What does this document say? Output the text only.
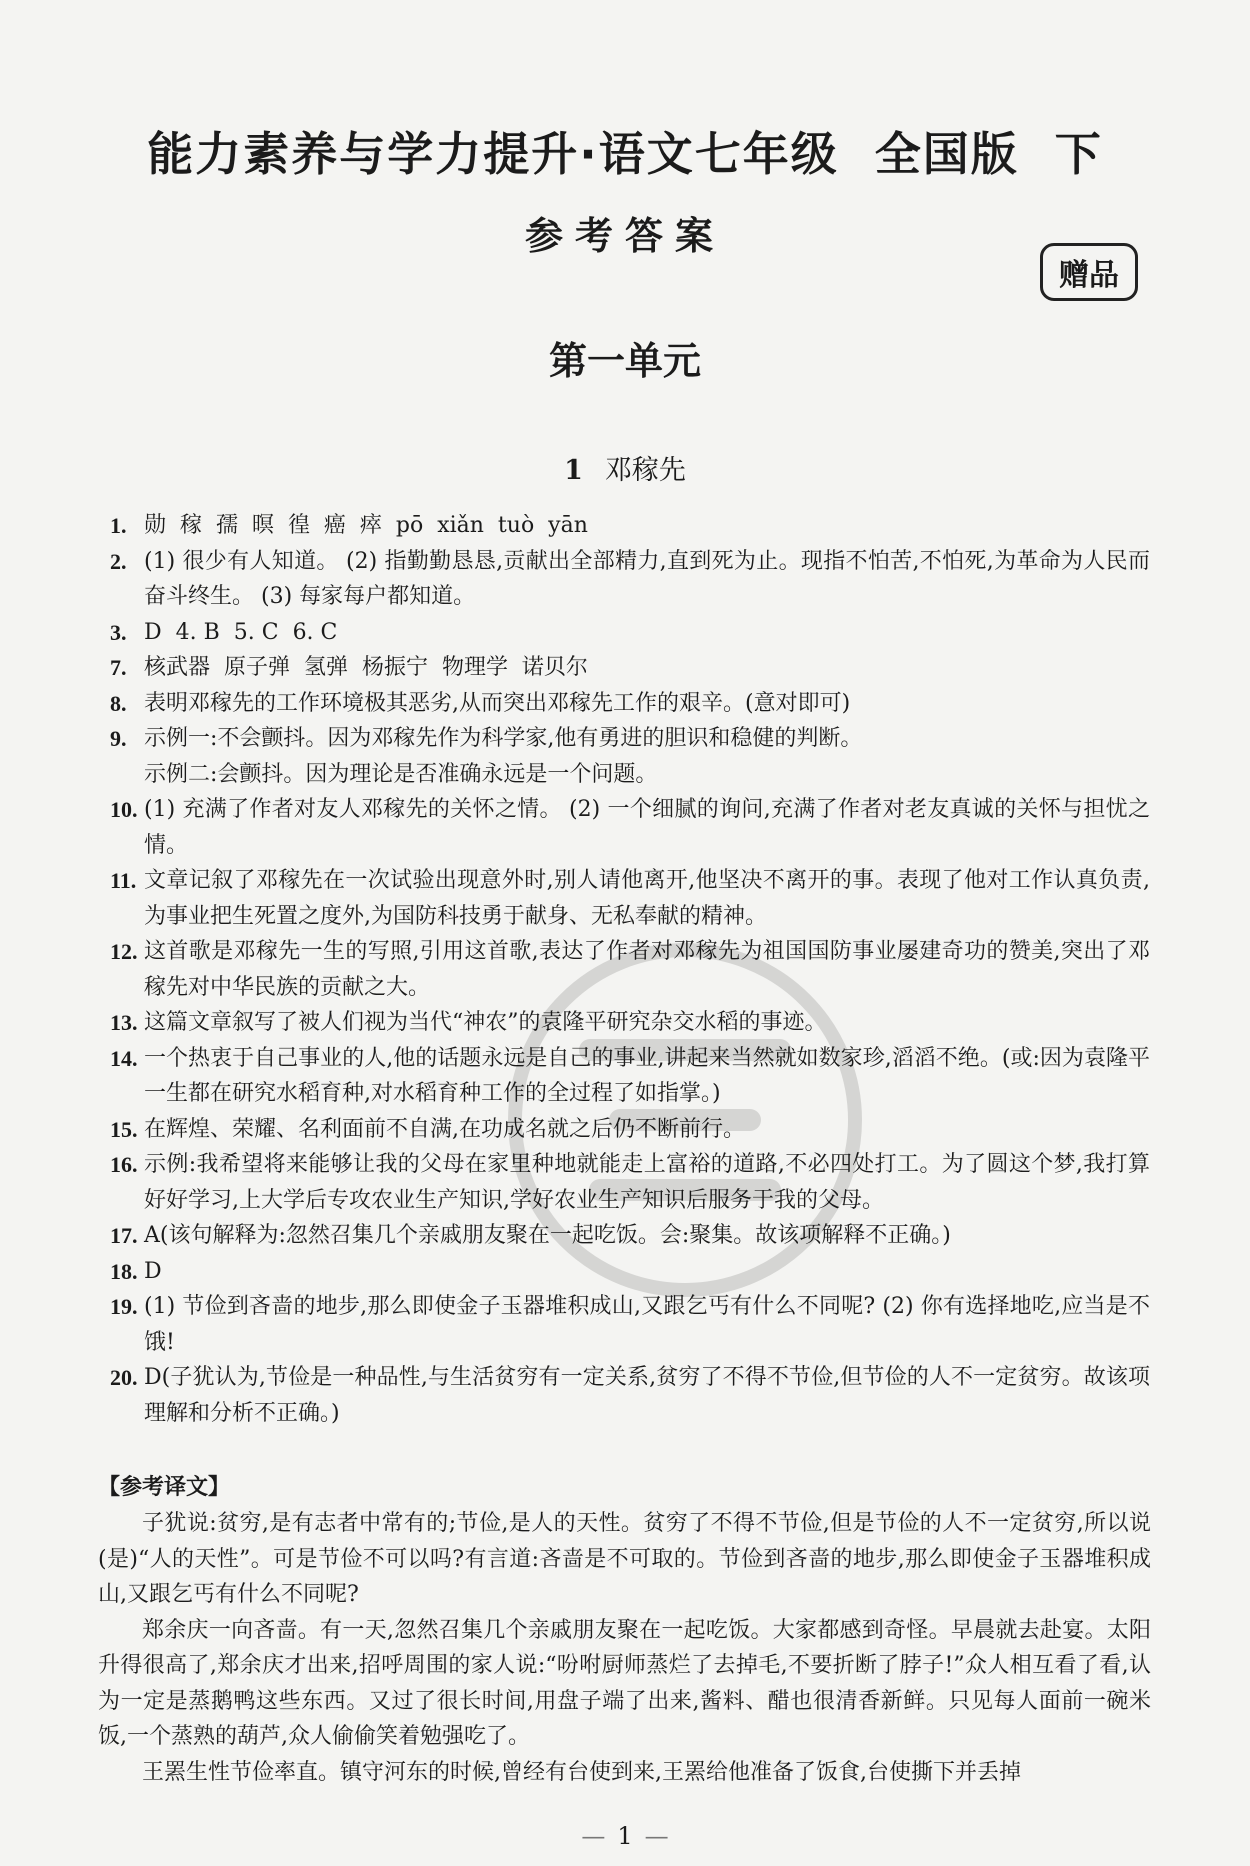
能力素养与学力提升·语文七年级  全国版  下
参考答案
赠品
第一单元
1 邓稼先
1. 勋  稼  孺  暝  徨  癌  瘁  pō  xiǎn  tuò  yān
2. (1) 很少有人知道。 (2) 指勤勤恳恳,贡献出全部精力,直到死为止。现指不怕苦,不怕死,为革命为人民而奋斗终生。 (3) 每家每户都知道。
3. D  4. B  5. C  6. C
7. 核武器  原子弹  氢弹  杨振宁  物理学  诺贝尔
8. 表明邓稼先的工作环境极其恶劣,从而突出邓稼先工作的艰辛。(意对即可)
9. 示例一:不会颤抖。因为邓稼先作为科学家,他有勇进的胆识和稳健的判断。
示例二:会颤抖。因为理论是否准确永远是一个问题。
10. (1) 充满了作者对友人邓稼先的关怀之情。 (2) 一个细腻的询问,充满了作者对老友真诚的关怀与担忧之情。
11. 文章记叙了邓稼先在一次试验出现意外时,别人请他离开,他坚决不离开的事。表现了他对工作认真负责,为事业把生死置之度外,为国防科技勇于献身、无私奉献的精神。
12. 这首歌是邓稼先一生的写照,引用这首歌,表达了作者对邓稼先为祖国国防事业屡建奇功的赞美,突出了邓稼先对中华民族的贡献之大。
13. 这篇文章叙写了被人们视为当代“神农”的袁隆平研究杂交水稻的事迹。
14. 一个热衷于自己事业的人,他的话题永远是自己的事业,讲起来当然就如数家珍,滔滔不绝。(或:因为袁隆平一生都在研究水稻育种,对水稻育种工作的全过程了如指掌。)
15. 在辉煌、荣耀、名利面前不自满,在功成名就之后仍不断前行。
16. 示例:我希望将来能够让我的父母在家里种地就能走上富裕的道路,不必四处打工。为了圆这个梦,我打算好好学习,上大学后专攻农业生产知识,学好农业生产知识后服务于我的父母。
17. A(该句解释为:忽然召集几个亲戚朋友聚在一起吃饭。会:聚集。故该项解释不正确。)
18. D
19. (1) 节俭到吝啬的地步,那么即使金子玉器堆积成山,又跟乞丐有什么不同呢? (2) 你有选择地吃,应当是不饿!
20. D(子犹认为,节俭是一种品性,与生活贫穷有一定关系,贫穷了不得不节俭,但节俭的人不一定贫穷。故该项理解和分析不正确。)
【参考译文】

子犹说:贫穷,是有志者中常有的;节俭,是人的天性。贫穷了不得不节俭,但是节俭的人不一定贫穷,所以说(是)“人的天性”。可是节俭不可以吗?有言道:吝啬是不可取的。节俭到吝啬的地步,那么即使金子玉器堆积成山,又跟乞丐有什么不同呢?

郑余庆一向吝啬。有一天,忽然召集几个亲戚朋友聚在一起吃饭。大家都感到奇怪。早晨就去赴宴。太阳升得很高了,郑余庆才出来,招呼周围的家人说:“吩咐厨师蒸烂了去掉毛,不要折断了脖子!”众人相互看了看,认为一定是蒸鹅鸭这些东西。又过了很长时间,用盘子端了出来,酱料、醋也很清香新鲜。只见每人面前一碗米饭,一个蒸熟的葫芦,众人偷偷笑着勉强吃了。

王罴生性节俭率直。镇守河东的时候,曾经有台使到来,王罴给他准备了饭食,台使撕下并丢掉

— 1 —
